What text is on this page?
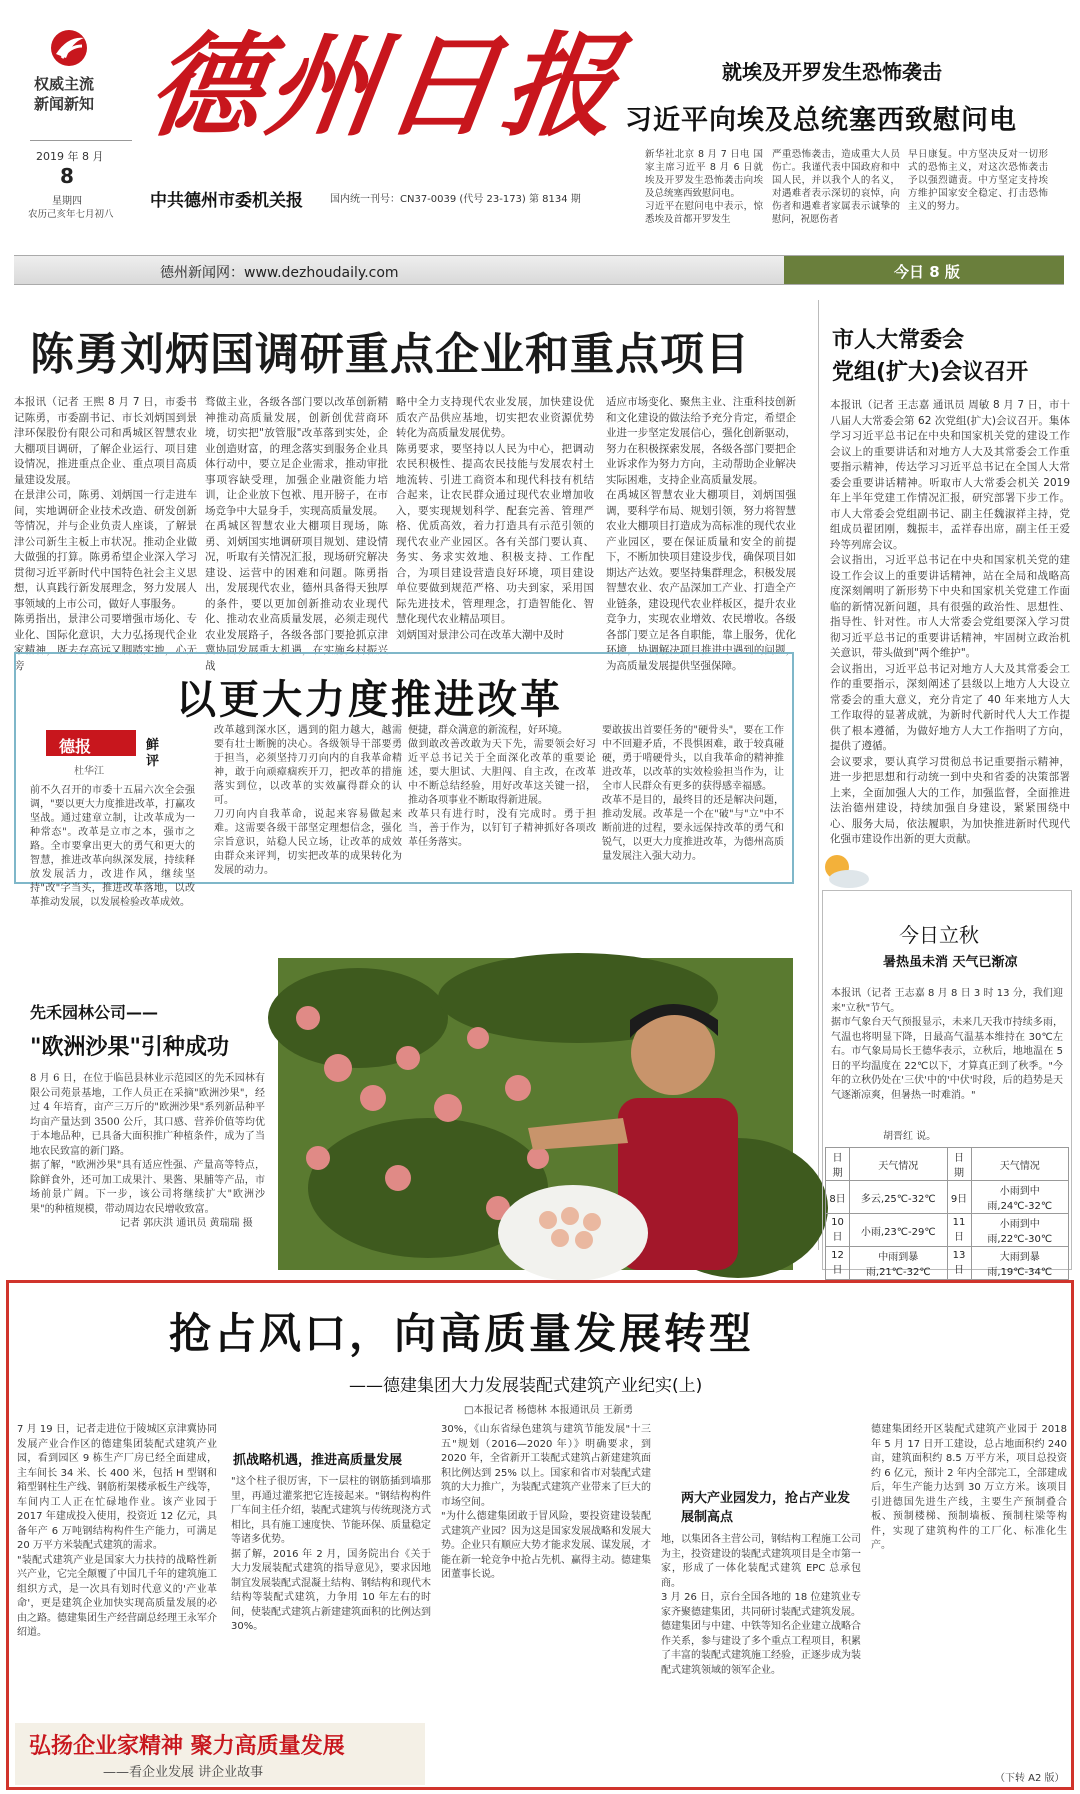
权威主流
新闻新知
2019 年 8 月
8
星期四
农历己亥年七月初八
德州日报
中共德州市委机关报	国内统一刊号：CN37-0039 (代号 23-173) 第 8134 期
就埃及开罗发生恐怖袭击
习近平向埃及总统塞西致慰问电
新华社北京 8 月 7 日电 国家主席习近平 8 月 6 日就埃及开罗发生恐怖袭击向埃及总统塞西致慰问电。
习近平在慰问电中表示，惊悉埃及首都开罗发生
严重恐怖袭击，造成重大人员伤亡。我谨代表中国政府和中国人民，并以我个人的名义，对遇难者表示深切的哀悼，向伤者和遇难者家属表示诚挚的慰问，祝愿伤者
早日康复。中方坚决反对一切形式的恐怖主义，对这次恐怖袭击予以强烈谴责。中方坚定支持埃方维护国家安全稳定、打击恐怖主义的努力。
德州新闻网：www.dezhoudaily.com	今日 8 版
陈勇刘炳国调研重点企业和重点项目
本报讯（记者 王熙 8 月 7 日，市委书记陈勇，市委副书记、市长刘炳国到景津环保股份有限公司和禹城区智慧农业大棚项目调研，了解企业运行、项目建设情况，推进重点企业、重点项目高质量建设发展。
在景津公司，陈勇、刘炳国一行走进车间，实地调研企业技术改造、研发创新等情况，并与企业负责人座谈，了解景津公司新生主板上市状况。推动企业做大做强的打算。陈勇希望企业深入学习贯彻习近平新时代中国特色社会主义思想，认真践行新发展理念，努力发展人事领域的上市公司，做好人事服务。
陈勇指出，景津公司要增强市场化、专业化、国际化意识，大力弘扬现代企业家精神，既去存高远又脚踏实地，心无旁
骛做主业，各级各部门要以改革创新精神推动高质量发展，创新创优营商环境，切实把"放管服"改革落到实处，企业创造财富，的理念落实到服务企业具体行动中，要立足企业需求，推动审批事项容缺受理，加强企业融资能力培训，让企业放下包袱、甩开膀子，在市场竞争中大显身手，实现高质量发展。
在禹城区智慧农业大棚项目现场，陈勇、刘炳国实地调研项目规划、建设情况，听取有关情况汇报，现场研究解决建设、运营中的困难和问题。陈勇指出，发展现代农业，德州具备得天独厚的条件，要以更加创新推动农业现代化、推动农业高质量发展，必须走现代农业发展路子，各级各部门要抢抓京津冀协同发展重大机遇，在实施乡村振兴战
略中全力支持现代农业发展，加快建设优质农产品供应基地，切实把农业资源优势转化为高质量发展优势。
陈勇要求，要坚持以人民为中心，把调动农民积极性、提高农民技能与发展农村土地流转、引进工商资本和现代科技有机结合起来，让农民群众通过现代农业增加收入，要实现规划科学、配套完善、管理严格、优质高效，着力打造具有示范引领的现代农业产业园区。各有关部门要认真、务实、务求实效地、积极支持、工作配合，为项目建设营造良好环境，项目建设单位要做到规范严格、功夫到家，采用国际先进技术，管理理念，打造智能化、智慧化现代农业精品项目。
刘炳国对景津公司在改革大潮中及时
适应市场变化、聚焦主业、注重科技创新和文化建设的做法给予充分肯定，希望企业进一步坚定发展信心，强化创新驱动，努力在积极探索发展，各级各部门要把企业诉求作为努力方向，主动帮助企业解决实际困难，支持企业高质量发展。
在禹城区智慧农业大棚项目，刘炳国强调，要科学布局、规划引领，努力将智慧农业大棚项目打造成为高标准的现代农业产业园区，要在保证质量和安全的前提下，不断加快项目建设步伐，确保项目如期达产达效。要坚持集群理念，积极发展智慧农业、农产品深加工产业、打造全产业链条，建设现代农业样板区，提升农业竞争力，实现农业增效、农民增收。各级各部门要立足各自职能，靠上服务，优化环境，协调解决项目推进中遇到的问题，为高质量发展提供坚强保障。
市人大常委会
党组(扩大)会议召开
本报讯（记者 王志嘉 通讯员 周敏 8 月 7 日，市十八届人大常委会第 62 次党组(扩大)会议召开。集体学习习近平总书记在中央和国家机关党的建设工作会议上的重要讲话和对地方人大及其常委会工作重要指示精神，传达学习习近平总书记在全国人大常委会重要讲话精神。听取市人大常委会机关 2019 年上半年党建工作情况汇报，研究部署下步工作。市人大常委会党组副书记、副主任魏淑祥主持，党组成员翟团刚，魏振丰，孟祥春出席，副主任王爱玲等列席会议。
会议指出，习近平总书记在中央和国家机关党的建设工作会议上的重要讲话精神，站在全局和战略高度深刻阐明了新形势下中央和国家机关党建工作面临的新情况新问题，具有很强的政治性、思想性、指导性、针对性。市人大常委会党组要深入学习贯彻习近平总书记的重要讲话精神，牢固树立政治机关意识，带头做到"两个维护"。
会议指出，习近平总书记对地方人大及其常委会工作的重要指示，深刻阐述了县级以上地方人大设立常委会的重大意义，充分肯定了 40 年来地方人大工作取得的显著成就，为新时代新时代人大工作提供了根本遵循，为做好地方人大工作指明了方向，提供了遵循。
会议要求，要认真学习贯彻总书记重要指示精神，进一步把思想和行动统一到中央和省委的决策部署上来，全面加强人大的工作，加强监督，全面推进法治德州建设，持续加强自身建设，紧紧围绕中心、服务大局，依法履职，为加快推进新时代现代化强市建设作出新的更大贡献。
以更大力度推进改革
德报	鲜评
杜华江
前不久召开的市委十五届六次全会强调，"要以更大力度推进改革，打赢攻坚战。通过建章立制，让改革成为一种常态"。改革是立市之本，强市之路。全市要拿出更大的勇气和更大的智慧，推进改革向纵深发展，持续释放发展活力，改进作风，继续坚持"改"字当头，推进改革落地，以改革推动发展，以发展检验改革成效。
改革越到深水区，遇到的阻力越大，越需要有壮士断腕的决心。各级领导干部要勇于担当，必须坚持刀刃向内的自我革命精神，敢于向顽瘴痼疾开刀，把改革的措施落实到位，以改革的实效赢得群众的认可。
刀刃向内自我革命，说起来容易做起来难。这需要各级干部坚定理想信念，强化宗旨意识，站稳人民立场，让改革的成效由群众来评判，切实把改革的成果转化为发展的动力。
便捷，群众满意的新流程，好环境。
做到敢改善改敢为天下先，需要领会好习近平总书记关于全面深化改革的重要论述，要大胆试、大胆闯、自主改，在改革中不断总结经验，用好改革这关键一招，推动各项事业不断取得新进展。
改革只有进行时，没有完成时。勇于担当，善于作为，以钉钉子精神抓好各项改革任务落实。
要敢拔出首要任务的"硬骨头"，要在工作中不回避矛盾，不畏惧困难，敢于较真碰硬，勇于啃硬骨头，以自我革命的精神推进改革，以改革的实效检验担当作为，让全市人民群众有更多的获得感幸福感。
改革不是目的，最终目的还是解决问题，推动发展。改革是一个在"破"与"立"中不断前进的过程，要永远保持改革的勇气和锐气，以更大力度推进改革，为德州高质量发展注入强大动力。
先禾园林公司——
"欧洲沙果"引种成功
8 月 6 日，在位于临邑县林业示范园区的先禾园林有限公司苑景基地，工作人员正在采摘"欧洲沙果"，经过 4 年培育，亩产三万斤的"欧洲沙果"系列新品种平均亩产量达到 3500 公斤，其口感、营养价值等均优于本地品种，已具备大面积推广种植条件，成为了当地农民致富的新门路。
据了解，"欧洲沙果"具有适应性强、产量高等特点，除鲜食外，还可加工成果汁、果酱、果脯等产品，市场前景广阔。下一步，该公司将继续扩大"欧洲沙果"的种植规模，带动周边农民增收致富。
记者 郭庆洪 通讯员 黄瑞瑞 摄
今日立秋
暑热虽未消 天气已渐凉
本报讯（记者 王志嘉 8 月 8 日 3 时 13 分，我们迎来"立秋"节气。
据市气象台天气预报显示，未来几天我市持续多雨，气温也将明显下降，日最高气温基本维持在 30℃左右。市气象局局长王德华表示，立秋后，地地温在 5 日的平均温度在 22℃以下，才算真正到了秋季。"今年的立秋仍处在'三伏'中的'中伏'时段，后的趋势是天气逐渐凉爽，但暑热一时难消。"
胡晋红 说。
日期	天气情况	日期	天气情况
8日	多云,25℃-32℃	9日	小雨到中雨,24℃-32℃
10日	小雨,23℃-29℃	11日	小雨到中雨,22℃-30℃
12日	中雨到暴雨,21℃-32℃	13日	大雨到暴雨,19℃-34℃
抢占风口，向高质量发展转型
——德建集团大力发展装配式建筑产业纪实(上)
□本报记者 杨德林 本报通讯员 王新勇
7 月 19 日，记者走进位于陵城区京津冀协同发展产业合作区的德建集团装配式建筑产业园，看到园区 9 栋生产厂房已经全面建成，主车间长 34 米、长 400 米，包括 H 型钢和箱型钢柱生产线、钢筋桁架楼承板生产线等，车间内工人正在忙碌地作业。该产业园于 2017 年建成投入使用，投资近 12 亿元，具备年产 6 万吨钢结构构件生产能力，可满足 20 万平方米装配式建筑的需求。
"装配式建筑产业是国家大力扶持的战略性新兴产业，它完全颠覆了中国几千年的建筑施工组织方式，是一次具有划时代意义的'产业革命'，更是建筑企业加快实现高质量发展的必由之路。德建集团生产经营副总经理王永军介绍道。
抓战略机遇，推进高质量发展
"这个柱子很厉害，下一层柱的钢筋插到墙那里，再通过灌浆把它连接起来。"钢结构构件厂车间主任介绍，装配式建筑与传统现浇方式相比，具有施工速度快、节能环保、质量稳定等诸多优势。
据了解，2016 年 2 月，国务院出台《关于大力发展装配式建筑的指导意见》，要求因地制宜发展装配式混凝土结构、钢结构和现代木结构等装配式建筑，力争用 10 年左右的时间，使装配式建筑占新建建筑面积的比例达到 30%。
30%，《山东省绿色建筑与建筑节能发展"十三五"规划（2016—2020 年）》明确要求，到 2020 年，全省新开工装配式建筑占新建建筑面积比例达到 25% 以上。国家和省市对装配式建筑的大力推广，为装配式建筑产业带来了巨大的市场空间。
"为什么德建集团敢于冒风险，要投资建设装配式建筑产业园？因为这是国家发展战略和发展大势。企业只有顺应大势才能求发展、谋发展，才能在新一轮竞争中抢占先机、赢得主动。德建集团董事长说。
两大产业园发力，抢占产业发展制高点
地，以集团各主营公司，钢结构工程施工公司为主，投资建设的装配式建筑项目是全市第一家，形成了一体化装配式建筑 EPC 总承包商。
3 月 26 日，京台全国各地的 18 位建筑业专家齐聚德建集团，共同研讨装配式建筑发展。德建集团与中建、中铁等知名企业建立战略合作关系，参与建设了多个重点工程项目，积累了丰富的装配式建筑施工经验，正逐步成为装配式建筑领域的领军企业。
德建集团经开区装配式建筑产业园于 2018 年 5 月 17 日开工建设，总占地面积约 240 亩，建筑面积约 8.5 万平方米，项目总投资约 6 亿元，预计 2 年内全部完工，全部建成后，年生产能力达到 30 万立方米。该项目引进德国先进生产线，主要生产预制叠合板、预制楼梯、预制墙板、预制柱梁等构件，实现了建筑构件的工厂化、标准化生产。
（下转 A2 版）
弘扬企业家精神 聚力高质量发展
——看企业发展 讲企业故事
